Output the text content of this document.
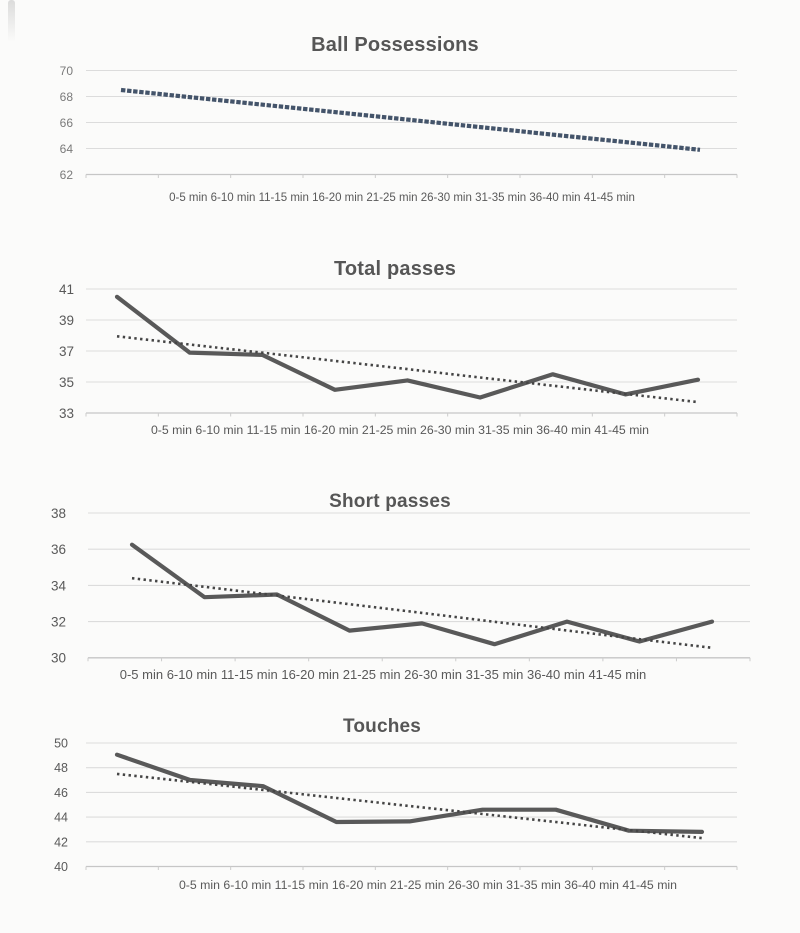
70
68
66
64
62
Ball Possessions
0-5 min 6-10 min 11-15 min 16-20 min 21-25 min 26-30 min 31-35 min 36-40 min 41-45 min
41
39
37
35
33
Total passes
0-5 min 6-10 min 11-15 min 16-20 min 21-25 min 26-30 min 31-35 min 36-40 min 41-45 min
38
36
34
32
30
Short passes
0-5 min 6-10 min 11-15 min 16-20 min 21-25 min 26-30 min 31-35 min 36-40 min 41-45 min
50
48
46
44
42
40
Touches
0-5 min 6-10 min 11-15 min 16-20 min 21-25 min 26-30 min 31-35 min 36-40 min 41-45 min
